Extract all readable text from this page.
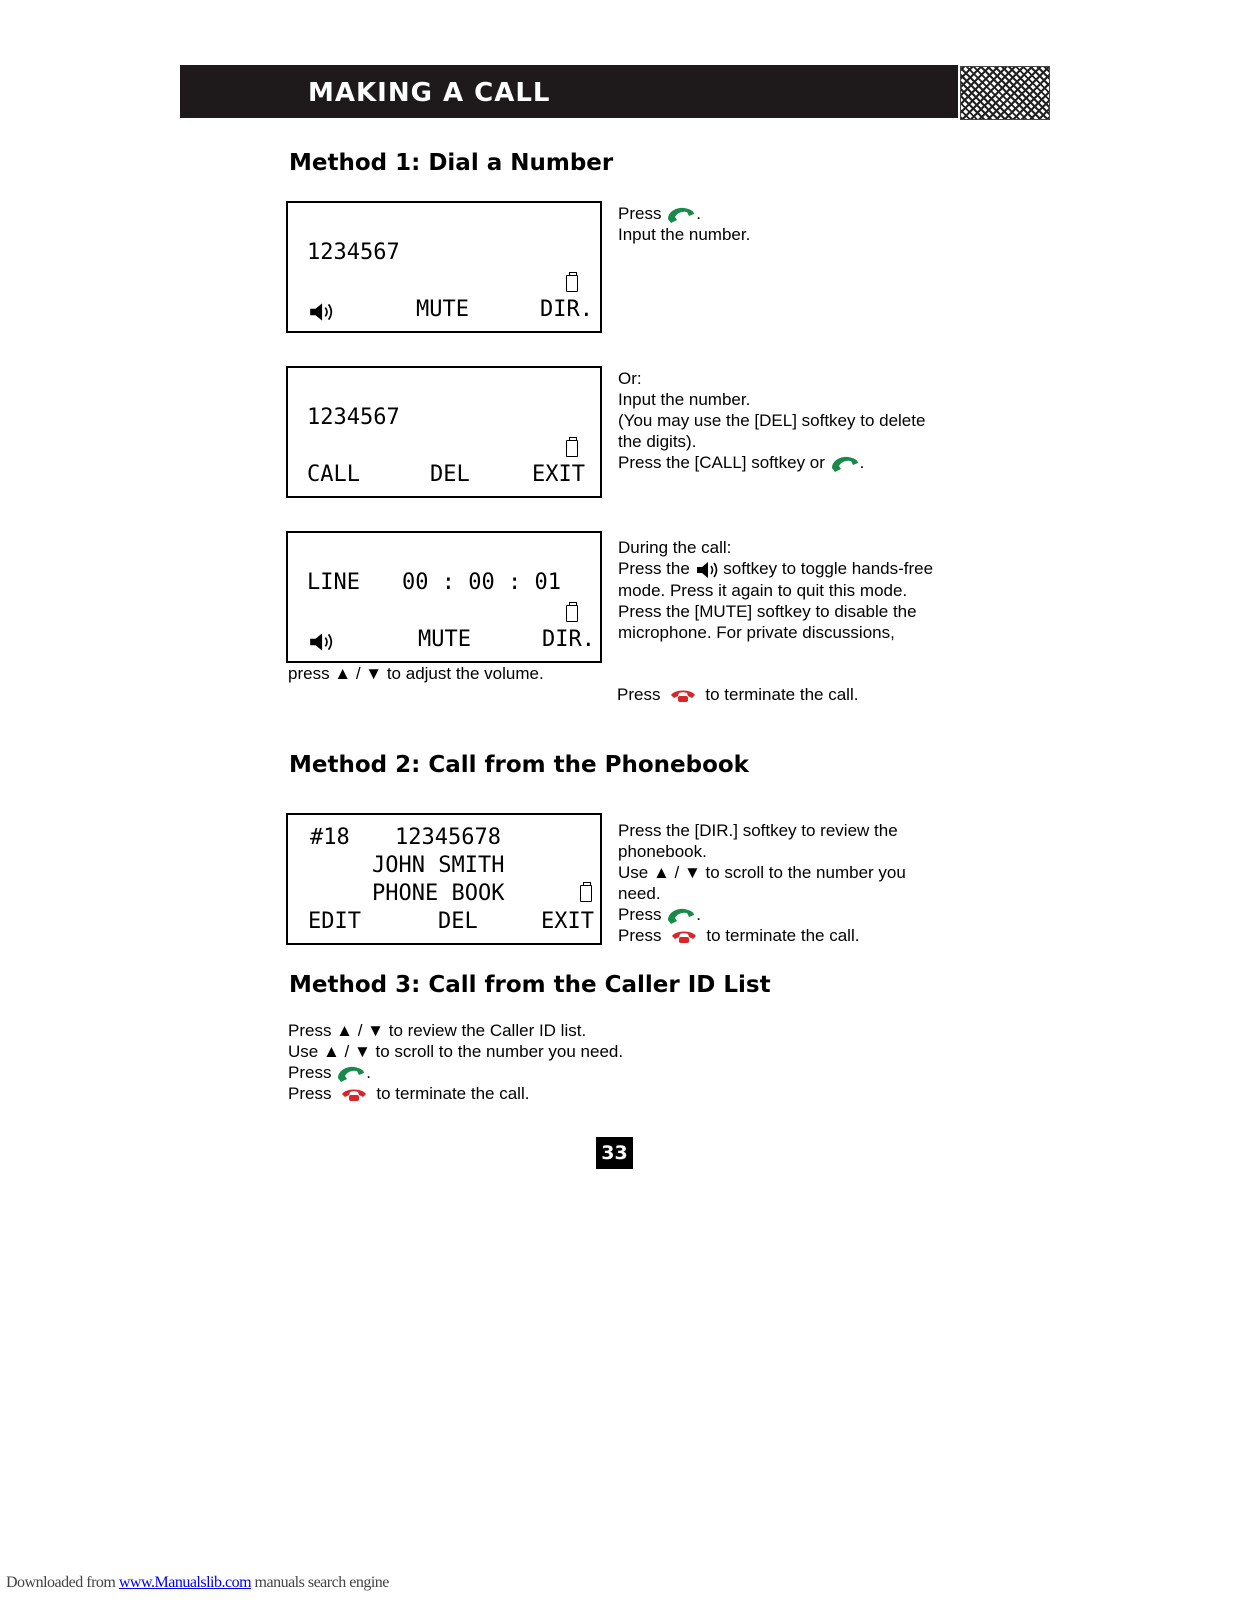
MAKING A CALL
Method 1: Dial a Number
1234567
MUTE	DIR.
Press .
Input the number.
1234567
CALL	DEL	EXIT
Or:
Input the number.
(You may use the [DEL] softkey to delete
the digits).
Press the [CALL] softkey or .
LINE 00 : 00 : 01
MUTE	DIR.
During the call:
Press the softkey to toggle hands-free
mode. Press it again to quit this mode.
Press the [MUTE] softkey to disable the
microphone. For private discussions,
press ▲ / ▼ to adjust the volume.
Press	to terminate the call.
Method 2: Call from the Phonebook
#18 12345678
JOHN SMITH
PHONE BOOK
EDIT	DEL	EXIT
Press the [DIR.] softkey to review the
phonebook.
Use ▲ / ▼ to scroll to the number you
need.
Press .
Press	to terminate the call.
Method 3: Call from the Caller ID List
Press ▲ / ▼ to review the Caller ID list.
Use ▲ / ▼ to scroll to the number you need.
Press .
Press	to terminate the call.
33
Downloaded from www.Manualslib.com manuals search engine
